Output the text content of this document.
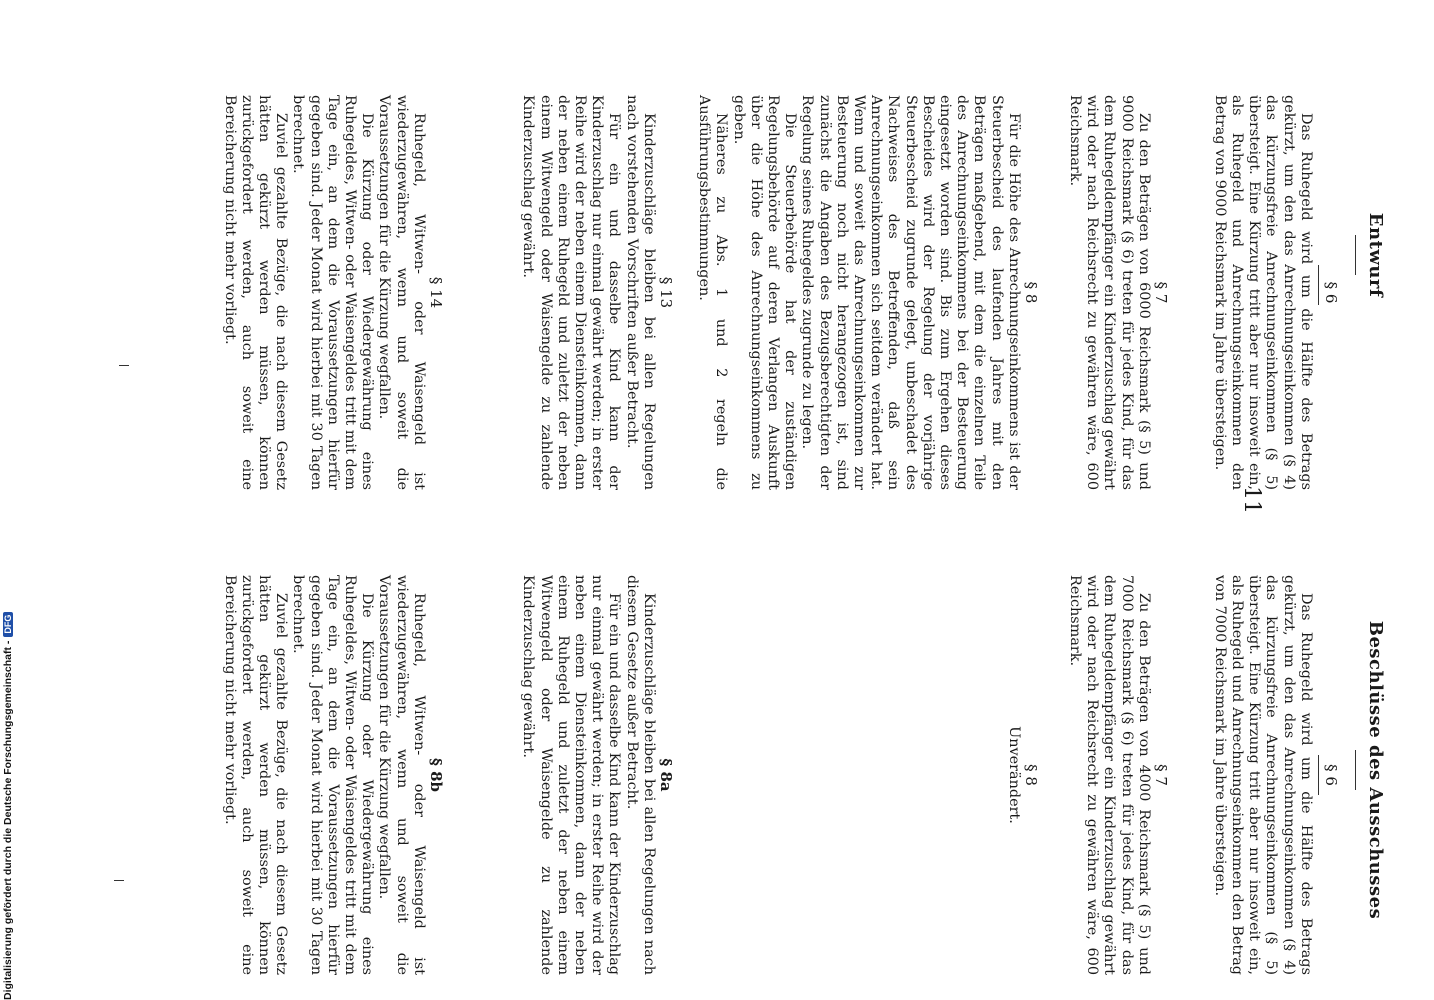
Entwurf
11
Beschlüsse des Ausschusses

§ 6

Das Ruhegeld wird um die Hälfte des Betrags gekürzt, um den das Anrechnungseinkommen (§ 4) das kürzungsfreie Anrechnungseinkommen (§ 5) übersteigt. Eine Kürzung tritt aber nur insoweit ein, als Ruhegeld und Anrechnungseinkommen den Betrag von 9000 Reichsmark im Jahre übersteigen.

§ 7

Zu den Beträgen von 6000 Reichsmark (§ 5) und 9000 Reichsmark (§ 6) treten für jedes Kind, für das dem Ruhegeldempfänger ein Kinderzuschlag gewährt wird oder nach Reichsrecht zu gewähren wäre, 600 Reichsmark.

§ 8

Für die Höhe des Anrechnungseinkommens ist der Steuerbescheid des laufenden Jahres mit den Beträgen maßgebend, mit dem die einzelnen Teile des Anrechnungseinkommens bei der Besteuerung eingesetzt worden sind. Bis zum Ergehen dieses Bescheides wird der Regelung der vorjährige Steuerbescheid zugrunde gelegt, unbeschadet des Nachweises des Betreffenden, daß sein Anrechnungseinkommen sich seitdem verändert hat. Wenn und soweit das Anrechnungseinkommen zur Besteuerung noch nicht herangezogen ist, sind zunächst die Angaben des Bezugsberechtigten der Regelung seines Ruhegeldes zugrunde zu legen.

Die Steuerbehörde hat der zuständigen Regelungsbehörde auf deren Verlangen Auskunft über die Höhe des Anrechnungseinkommens zu geben.

Näheres zu Abs. 1 und 2 regeln die Ausführungsbestimmungen.

§ 13

Kinderzuschläge bleiben bei allen Regelungen nach vorstehenden Vorschriften außer Betracht.

Für ein und dasselbe Kind kann der Kinderzuschlag nur einmal gewährt werden; in erster Reihe wird der neben einem Diensteinkommen, dann der neben einem Ruhegeld und zuletzt der neben einem Witwengeld oder Waisengelde zu zahlende Kinderzuschlag gewährt.

§ 14

Ruhegeld, Witwen- oder Waisengeld ist wiederzugewähren, wenn und soweit die Voraussetzungen für die Kürzung wegfallen.

Die Kürzung oder Wiedergewährung eines Ruhegeldes, Witwen- oder Waisengeldes tritt mit dem Tage ein, an dem die Voraussetzungen hierfür gegeben sind. Jeder Monat wird hierbei mit 30 Tagen berechnet.

Zuviel gezahlte Bezüge, die nach diesem Gesetz hätten gekürzt werden müssen, können zurückgefordert werden, auch soweit eine Bereicherung nicht mehr vorliegt.

§ 6

Das Ruhegeld wird um die Hälfte des Betrags gekürzt, um den das Anrechnungseinkommen (§ 4) das kürzungsfreie Anrechnungseinkommen (§ 5) übersteigt. Eine Kürzung tritt aber nur insoweit ein, als Ruhegeld und Anrechnungseinkommen den Betrag von 7000 Reichsmark im Jahre übersteigen.

§ 7

Zu den Beträgen von 4000 Reichsmark (§ 5) und 7000 Reichsmark (§ 6) treten für jedes Kind, für das dem Ruhegeldempfänger ein Kinderzuschlag gewährt wird oder nach Reichsrecht zu gewähren wäre, 600 Reichsmark.

§ 8

Unverändert.

§ 8a

Kinderzuschläge bleiben bei allen Regelungen nach diesem Gesetze außer Betracht.

Für ein und dasselbe Kind kann der Kinderzuschlag nur einmal gewährt werden; in erster Reihe wird der neben einem Diensteinkommen, dann der neben einem Ruhegeld und zuletzt der neben einem Witwengeld oder Waisengelde zu zahlende Kinderzuschlag gewährt.

§ 8b

Ruhegeld, Witwen- oder Waisengeld ist wiederzugewähren, wenn und soweit die Voraussetzungen für die Kürzung wegfallen.

Die Kürzung oder Wiedergewährung eines Ruhegeldes, Witwen- oder Waisengeldes tritt mit dem Tage ein, an dem die Voraussetzungen hierfür gegeben sind. Jeder Monat wird hierbei mit 30 Tagen berechnet.

Zuviel gezahlte Bezüge, die nach diesem Gesetz hätten gekürzt werden müssen, können zurückgefordert werden, auch soweit eine Bereicherung nicht mehr vorliegt.

Digitalisierung gefördert durch die Deutsche Forschungsgemeinschaft -DFG
